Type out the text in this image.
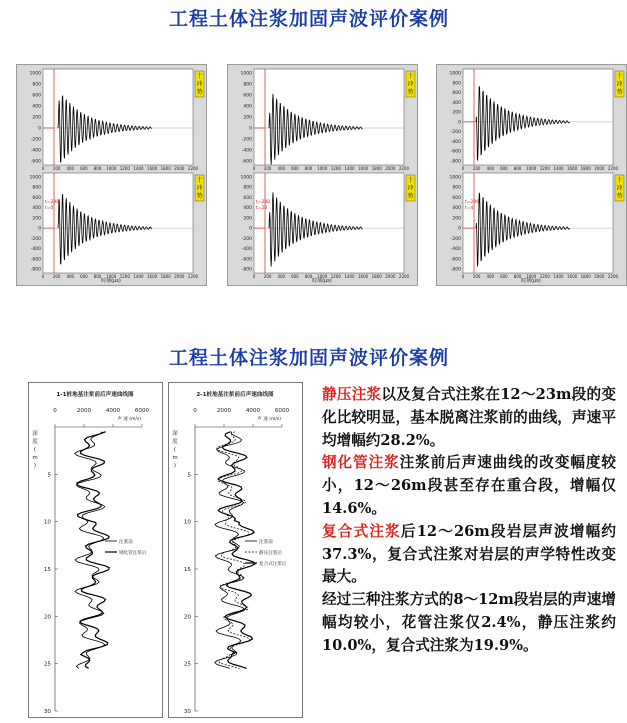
工程土体注浆加固声波评价案例
1000
800
600
400
200
0
-200
-400
-600
0 200 400 600 800 1000 1200 1400 1600 1800 2000 2200
十
冲
势
1000
800
600
400
200
0
-200
-400
-600
-800
0 200 400 600 800 1000 1200 1400 1600 1800 2000 2200
t=298.
t=0
十
冲
势
时域(μs)
1000
800
600
400
200
0
-200
-400
-600
0 200 400 600 800 1000 1200 1400 1600 1800 2000 2200
十
冲
势
1000
800
600
400
200
0
-200
-400
-600
-800
0 200 400 600 800 1000 1200 1400 1600 1800 2000 2200
t=280.
t=22
十
冲
势
时域(μs)
1000
800
600
400
200
0
-200
-400
-600
-800
0 200 400 600 800 1000 1200 1400 1600 1800 2000 2200
十
冲
势
1000
800
600
400
200
0
-200
-400
-600
-800
0 200 400 600 800 1000 1200 1400 1600 1800 2000 2200
t=296.
t=4
十
冲
势
时域(μs)
工程土体注浆加固声波评价案例
1-1桩地基注浆前后声速曲线图
0	2000	4000	6000
声 速 (m/s)
深
度
(
m
)
5
10
15
20
25
30
注浆前
钢化管注浆后
2-1桩地基注浆前后声速曲线图
0	2000	4000	6000
声 速 (m/s)
深
度
(
m
)
5
10
15
20
25
30
注浆前
静压注浆后
复合式注浆后

静压注浆以及复合式注浆在12～23m段的变化比较明显，基本脱离注浆前的曲线，声速平均增幅约28.2%。

钢化管注浆注浆前后声速曲线的改变幅度较小，12～26m段甚至存在重合段，增幅仅14.6%。

复合式注浆后12～26m段岩层声波增幅约37.3%，复合式注浆对岩层的声学特性改变最大。

经过三种注浆方式的8～12m段岩层的声速增幅均较小，花管注浆仅2.4%，静压注浆约10.0%，复合式注浆为19.9%。
